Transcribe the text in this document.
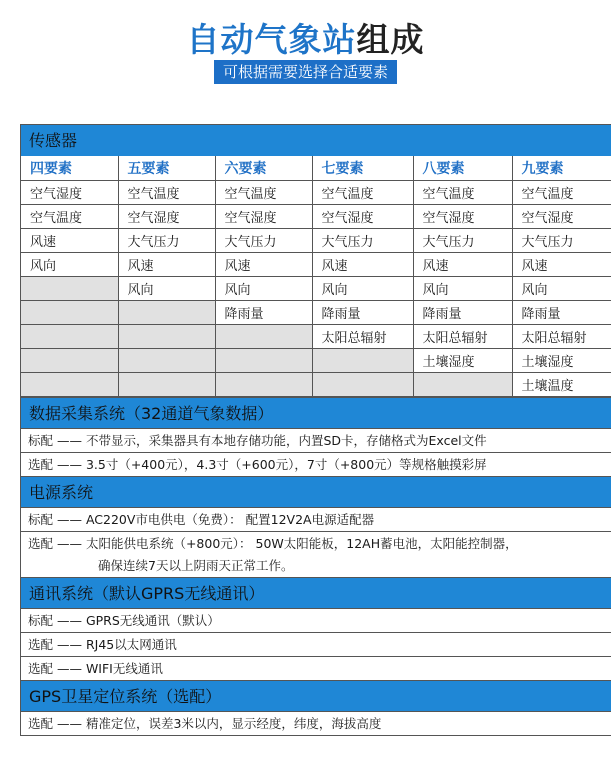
自动气象站组成
可根据需要选择合适要素
传感器
四要素	五要素	六要素	七要素	八要素	九要素
空气湿度	空气温度	空气温度	空气温度	空气温度	空气温度
空气温度	空气湿度	空气湿度	空气湿度	空气湿度	空气湿度
风速	大气压力	大气压力	大气压力	大气压力	大气压力
风向	风速	风速	风速	风速	风速
	风向	风向	风向	风向	风向
		降雨量	降雨量	降雨量	降雨量
			太阳总辐射	太阳总辐射	太阳总辐射
				土壤湿度	土壤湿度
					土壤温度
数据采集系统（32通道气象数据）
标配 —— 不带显示，采集器具有本地存储功能，内置SD卡，存储格式为Excel文件
选配 —— 3.5寸（+400元），4.3寸（+600元），7寸（+800元）等规格触摸彩屏
电源系统
标配 —— AC220V市电供电（免费）： 配置12V2A电源适配器
选配 —— 太阳能供电系统（+800元）： 50W太阳能板，12AH蓄电池，太阳能控制器，
确保连续7天以上阴雨天正常工作。
通讯系统（默认GPRS无线通讯）
标配 —— GPRS无线通讯（默认）
选配 —— RJ45以太网通讯
选配 —— WIFI无线通讯
GPS卫星定位系统（选配）
选配 —— 精准定位，误差3米以内，显示经度，纬度，海拔高度
